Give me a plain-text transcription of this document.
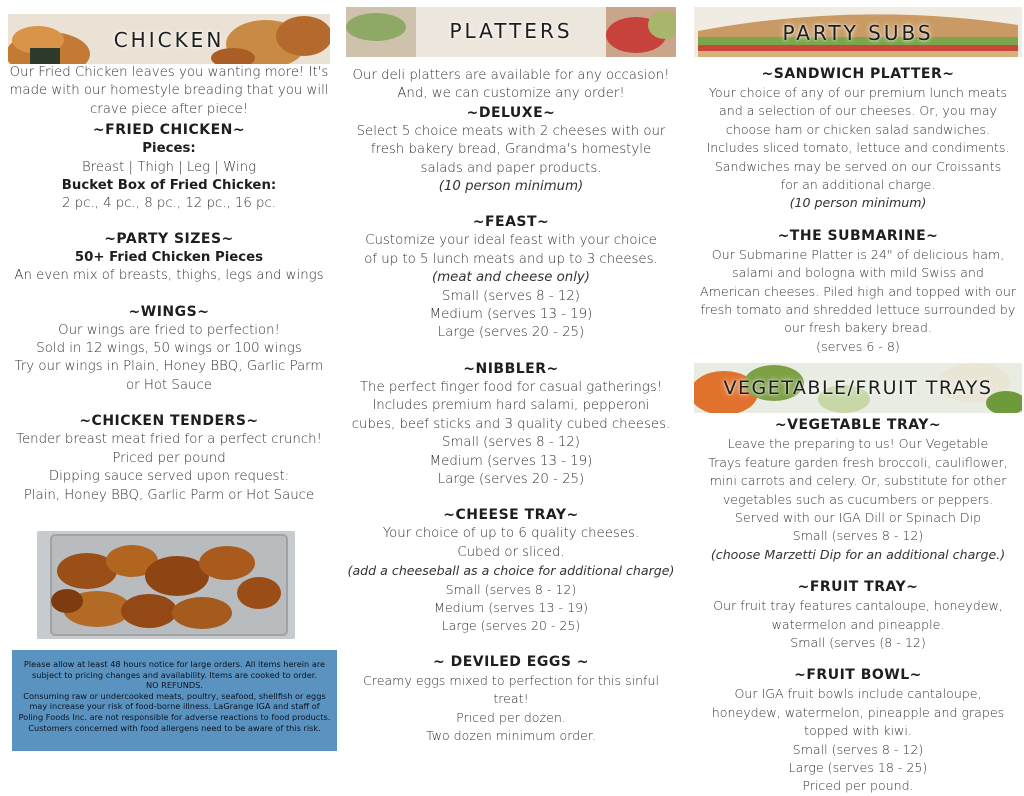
CHICKEN

Our Fried Chicken leaves you wanting more! It's

made with our homestyle breading that you will

crave piece after piece!

~FRIED CHICKEN~

Pieces:

Breast | Thigh | Leg | Wing

Bucket Box of Fried Chicken:

2 pc., 4 pc., 8 pc., 12 pc., 16 pc.

~PARTY SIZES~

50+ Fried Chicken Pieces

An even mix of breasts, thighs, legs and wings

~WINGS~

Our wings are fried to perfection!

Sold in 12 wings, 50 wings or 100 wings

Try our wings in Plain, Honey BBQ, Garlic Parm

or Hot Sauce

~CHICKEN TENDERS~

Tender breast meat fried for a perfect crunch!

Priced per pound

Dipping sauce served upon request:

Plain, Honey BBQ, Garlic Parm or Hot Sauce

Please allow at least 48 hours notice for large orders. All items herein are

subject to pricing changes and availability. Items are cooked to order.

NO REFUNDS.

Consuming raw or undercooked meats, poultry, seafood, shellfish or eggs

may increase your risk of food-borne illness. LaGrange IGA and staff of

Poling Foods Inc. are not responsible for adverse reactions to food products.

Customers concerned with food allergens need to be aware of this risk.

PLATTERS

Our deli platters are available for any occasion!

And, we can customize any order!

~DELUXE~

Select 5 choice meats with 2 cheeses with our

fresh bakery bread, Grandma's homestyle

salads and paper products.

(10 person minimum)

~FEAST~

Customize your ideal feast with your choice

of up to 5 lunch meats and up to 3 cheeses.

(meat and cheese only)

Small (serves 8 - 12)

Medium (serves 13 - 19)

Large (serves 20 - 25)

~NIBBLER~

The perfect finger food for casual gatherings!

Includes premium hard salami, pepperoni

cubes, beef sticks and 3 quality cubed cheeses.

Small (serves 8 - 12)

Medium (serves 13 - 19)

Large (serves 20 - 25)

~CHEESE TRAY~

Your choice of up to 6 quality cheeses.

Cubed or sliced.

(add a cheeseball as a choice for additional charge)

Small (serves 8 - 12)

Medium (serves 13 - 19)

Large (serves 20 - 25)

~ DEVILED EGGS ~

Creamy eggs mixed to perfection for this sinful treat!

Priced per dozen.

Two dozen minimum order.

PARTY SUBS

~SANDWICH PLATTER~

Your choice of any of our premium lunch meats

and a selection of our cheeses. Or, you may

choose ham or chicken salad sandwiches.

Includes sliced tomato, lettuce and condiments.

Sandwiches may be served on our Croissants

for an additional charge.

(10 person minimum)

~THE SUBMARINE~

Our Submarine Platter is 24" of delicious ham,

salami and bologna with mild Swiss and

American cheeses. Piled high and topped with our

fresh tomato and shredded lettuce surrounded by

our fresh bakery bread.

(serves 6 - 8)

VEGETABLE/FRUIT TRAYS

~VEGETABLE TRAY~

Leave the preparing to us! Our Vegetable

Trays feature garden fresh broccoli, cauliflower,

mini carrots and celery. Or, substitute for other

vegetables such as cucumbers or peppers.

Served with our IGA Dill or Spinach Dip

Small (serves 8 - 12)

(choose Marzetti Dip for an additional charge.)

~FRUIT TRAY~

Our fruit tray features cantaloupe, honeydew,

watermelon and pineapple.

Small (serves (8 - 12)

~FRUIT BOWL~

Our IGA fruit bowls include cantaloupe,

honeydew, watermelon, pineapple and grapes

topped with kiwi.

Small (serves 8 - 12)

Large (serves 18 - 25)

Priced per pound.
